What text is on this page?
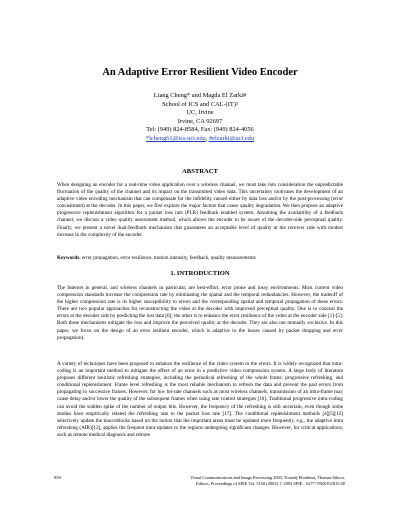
An Adaptive Error Resilient Video Encoder
Liang Cheng* and Magda El Zarki#
School of ICS and CAL-(IT)²
UC, Irvine
Irvine, CA 92697
Tel: (949) 824-8584, Fax: (949) 824-4056
*lcheng61@ics.uci.edu, #elzarki@uci.edu
ABSTRACT

When designing an encoder for a real-time video application over a wireless channel, we must take into consideration the unpredictable fluctuation of the quality of the channel and its impact on the transmitted video data. This uncertainty motivates the development of an adaptive video encoding mechanism that can compensate for the infidelity caused either by data loss and/or by the post-processing (error concealment) at the decoder. In this paper, we first explore the major factors that cause quality degradation. We then propose an adaptive progressive replenishment algorithm for a packet loss rate (PLR) feedback enabled system. Assuming the availability of a feedback channel, we discuss a video quality assessment method, which allows the encoder to be aware of the decoder-side perceptual quality. Finally, we present a novel dual-feedback mechanism that guarantees an acceptable level of quality at the receiver side with modest increase in the complexity of the encoder.

Keywords: error propagation, error resilience, motion intensity, feedback, quality measurements

1. INTRODUCTION

The Internet in general, and wireless channels in particular, are best-effort, error prone and lossy environments. Most current video compression standards increase the compression rate by eliminating the spatial and the temporal redundancies. However, the tradeoff of the higher compression rate is its higher susceptibility to errors and the corresponding spatial and temporal propagation of these errors. There are two popular approaches for reconstructing the video at the decoder with improved perceptual quality. One is to conceal the errors at the decoder side by predicting the lost data [6]; the other is to enhance the error resilience of the video at the encoder side [1]-[5]. Both these mechanisms mitigate the loss and improve the perceived quality at the decoder. They are also not mutually exclusive. In this paper, we focus on the design of an error resilient encoder, which is adaptive to the losses caused by packet dropping and error propagation).

A variety of techniques have been proposed to enhance the resilience of the video system to the errors. It is widely recognized that intra-coding is an important method to mitigate the effect of an error in a predictive video compression system. A large body of literature proposes different heuristic refreshing strategies, including the periodical refreshing of the whole frame, progressive refreshing, and conditional replenishment. Frame level refreshing is the most reliable mechanism to refresh the data and prevent the past errors from propagating to successive frames. However, for low bit-rate channels such as most wireless channels, transmission of an intra-frame may cause delay and/or lower the quality of the subsequent frames when using rate control strategies [10]. Traditional progressive intra-coding can avoid the sudden spike of the number of output bits. However, the frequency of the refreshing is still uncertain, even though some studies have empirically related the refreshing rate to the packet loss rate [17]. The conditional replenishment methods [4][5][12] selectively update the macroblocks based on the notion that the important areas must be updated more frequently, e.g., the adaptive intra refreshing (AIR)[12], applies the frequent intra-updates to the regions undergoing significant changes. However, for critical applications, such as remote medical diagnosis and remote

950	Visual Communications and Image Processing 2003, Touradj Ebrahimi, Thomas Sikora,
Editors, Proceedings of SPIE Vol. 5150 (2003) © 2003 SPIE · 0277-786X/03/$15.00
